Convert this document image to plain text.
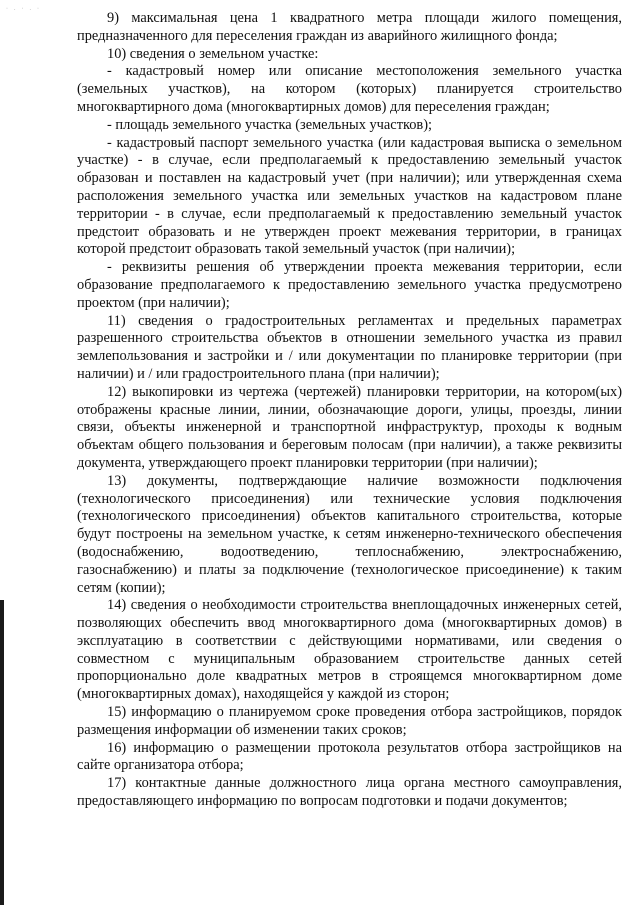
·.·.·

9) максимальная цена 1 квадратного метра площади жилого помещения, предназначенного для переселения граждан из аварийного жилищного фонда;

10) сведения о земельном участке:

- кадастровый номер или описание местоположения земельного участка (земельных участков), на котором (которых) планируется строительство многоквартирного дома (многоквартирных домов) для переселения граждан;

- площадь земельного участка (земельных участков);

- кадастровый паспорт земельного участка (или кадастровая выписка о земельном участке) - в случае, если предполагаемый к предоставлению земельный участок образован и поставлен на кадастровый учет (при наличии); или утвержденная схема расположения земельного участка или земельных участков на кадастровом плане территории - в случае, если предполагаемый к предоставлению земельный участок предстоит образовать и не утвержден проект межевания территории, в границах которой предстоит образовать такой земельный участок (при наличии);

- реквизиты решения об утверждении проекта межевания территории, если образование предполагаемого к предоставлению земельного участка предусмотрено проектом (при наличии);

11) сведения о градостроительных регламентах и предельных параметрах разрешенного строительства объектов в отношении земельного участка из правил землепользования и застройки и / или документации по планировке территории (при наличии) и / или градостроительного плана (при наличии);

12) выкопировки из чертежа (чертежей) планировки территории, на котором(ых) отображены красные линии, линии, обозначающие дороги, улицы, проезды, линии связи, объекты инженерной и транспортной инфраструктур, проходы к водным объектам общего пользования и береговым полосам (при наличии), а также реквизиты документа, утверждающего проект планировки территории (при наличии);

13) документы, подтверждающие наличие возможности подключения (технологического присоединения) или технические условия подключения (технологического присоединения) объектов капитального строительства, которые будут построены на земельном участке, к сетям инженерно-технического обеспечения (водоснабжению, водоотведению, теплоснабжению, электроснабжению, газоснабжению) и платы за подключение (технологическое присоединение) к таким сетям (копии);

14) сведения о необходимости строительства внеплощадочных инженерных сетей, позволяющих обеспечить ввод многоквартирного дома (многоквартирных домов) в эксплуатацию в соответствии с действующими нормативами, или сведения о совместном с муниципальным образованием строительстве данных сетей пропорционально доле квадратных метров в строящемся многоквартирном доме (многоквартирных домах), находящейся у каждой из сторон;

15) информацию о планируемом сроке проведения отбора застройщиков, порядок размещения информации об изменении таких сроков;

16) информацию о размещении протокола результатов отбора застройщиков на сайте организатора отбора;

17) контактные данные должностного лица органа местного самоуправления, предоставляющего информацию по вопросам подготовки и подачи документов;
